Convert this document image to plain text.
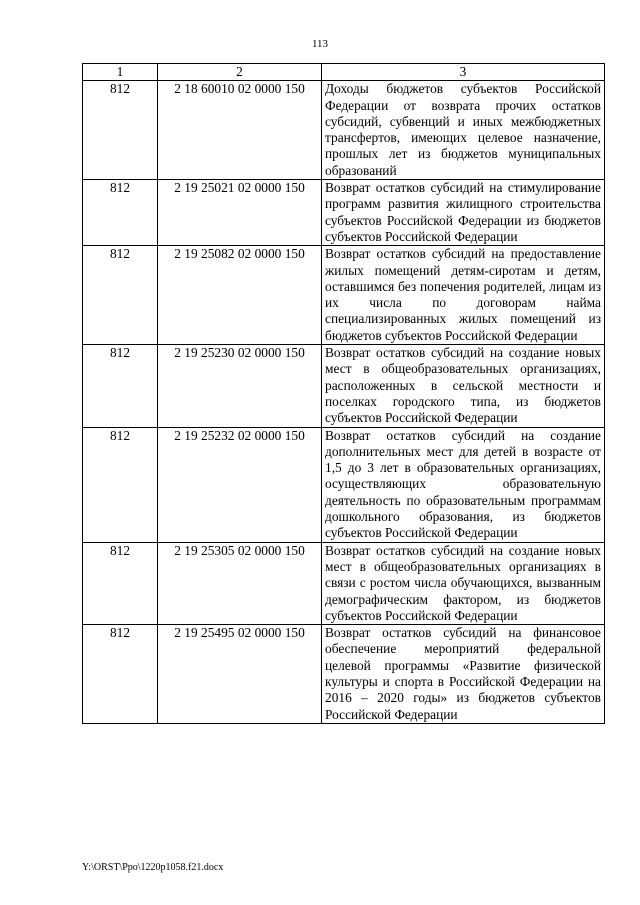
113
1	2	3
812	2 18 60010 02 0000 150	Доходы бюджетов субъектов Российской Федерации от возврата прочих остатков субсидий, субвенций и иных межбюджетных трансфертов, имеющих целевое назначение, прошлых лет из бюджетов муниципальных образований
812	2 19 25021 02 0000 150	Возврат остатков субсидий на стимулирование программ развития жилищного строительства субъектов Российской Федерации из бюджетов субъектов Российской Федерации
812	2 19 25082 02 0000 150	Возврат остатков субсидий на предоставление жилых помещений детям-сиротам и детям, оставшимся без попечения родителей, лицам из их числа по договорам найма специализированных жилых помещений из бюджетов субъектов Российской Федерации
812	2 19 25230 02 0000 150	Возврат остатков субсидий на создание новых мест в общеобразовательных организациях, расположенных в сельской местности и поселках городского типа, из бюджетов субъектов Российской Федерации
812	2 19 25232 02 0000 150	Возврат остатков субсидий на создание дополнительных мест для детей в возрасте от 1,5 до 3 лет в образовательных организациях, осуществляющих образовательную деятельность по образовательным программам дошкольного образования, из бюджетов субъектов Российской Федерации
812	2 19 25305 02 0000 150	Возврат остатков субсидий на создание новых мест в общеобразовательных организациях в связи с ростом числа обучающихся, вызванным демографическим фактором, из бюджетов субъектов Российской Федерации
812	2 19 25495 02 0000 150	Возврат остатков субсидий на финансовое обеспечение мероприятий федеральной целевой программы «Развитие физической культуры и спорта в Российской Федерации на 2016 – 2020 годы» из бюджетов субъектов Российской Федерации
Y:\ORST\Ppo\1220p1058.f21.docx
